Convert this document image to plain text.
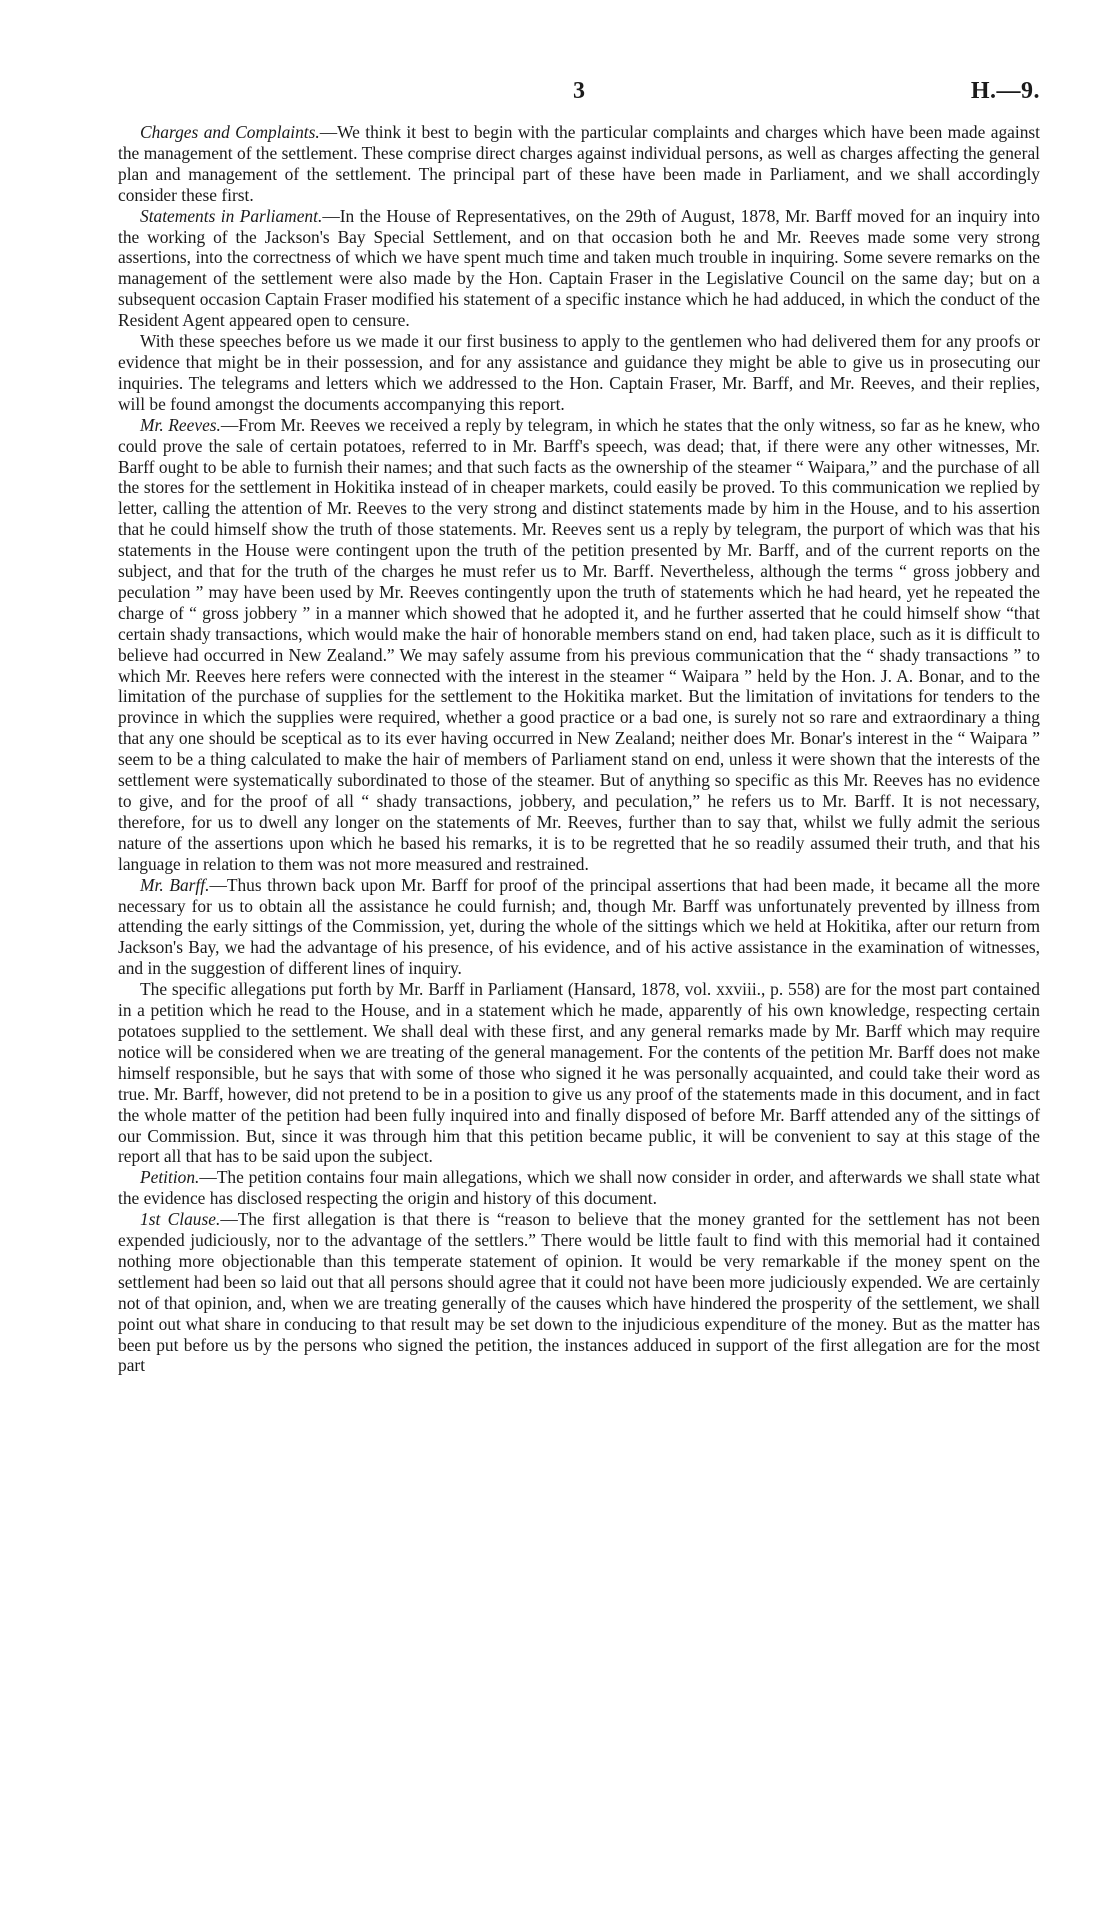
3	H.—9.

Charges and Complaints.—We think it best to begin with the particular complaints and charges which have been made against the management of the settlement. These comprise direct charges against individual persons, as well as charges affecting the general plan and management of the settlement. The principal part of these have been made in Parliament, and we shall accordingly consider these first.

Statements in Parliament.—In the House of Representatives, on the 29th of August, 1878, Mr. Barff moved for an inquiry into the working of the Jackson's Bay Special Settlement, and on that occasion both he and Mr. Reeves made some very strong assertions, into the correctness of which we have spent much time and taken much trouble in inquiring. Some severe remarks on the management of the settlement were also made by the Hon. Captain Fraser in the Legislative Council on the same day; but on a subsequent occasion Captain Fraser modified his statement of a specific instance which he had adduced, in which the conduct of the Resident Agent appeared open to censure.

With these speeches before us we made it our first business to apply to the gentlemen who had delivered them for any proofs or evidence that might be in their possession, and for any assistance and guidance they might be able to give us in prosecuting our inquiries. The telegrams and letters which we addressed to the Hon. Captain Fraser, Mr. Barff, and Mr. Reeves, and their replies, will be found amongst the documents accompanying this report.

Mr. Reeves.—From Mr. Reeves we received a reply by telegram, in which he states that the only witness, so far as he knew, who could prove the sale of certain potatoes, referred to in Mr. Barff's speech, was dead; that, if there were any other witnesses, Mr. Barff ought to be able to furnish their names; and that such facts as the ownership of the steamer “ Waipara,” and the purchase of all the stores for the settlement in Hokitika instead of in cheaper markets, could easily be proved. To this communication we replied by letter, calling the attention of Mr. Reeves to the very strong and distinct statements made by him in the House, and to his assertion that he could himself show the truth of those statements. Mr. Reeves sent us a reply by telegram, the purport of which was that his statements in the House were contingent upon the truth of the petition presented by Mr. Barff, and of the current reports on the subject, and that for the truth of the charges he must refer us to Mr. Barff. Nevertheless, although the terms “ gross jobbery and peculation ” may have been used by Mr. Reeves contingently upon the truth of statements which he had heard, yet he repeated the charge of “ gross jobbery ” in a manner which showed that he adopted it, and he further asserted that he could himself show “that certain shady transactions, which would make the hair of honorable members stand on end, had taken place, such as it is difficult to believe had occurred in New Zealand.” We may safely assume from his previous communication that the “ shady transactions ” to which Mr. Reeves here refers were connected with the interest in the steamer “ Waipara ” held by the Hon. J. A. Bonar, and to the limitation of the purchase of supplies for the settlement to the Hokitika market. But the limitation of invitations for tenders to the province in which the supplies were required, whether a good practice or a bad one, is surely not so rare and extraordinary a thing that any one should be sceptical as to its ever having occurred in New Zealand; neither does Mr. Bonar's interest in the “ Waipara ” seem to be a thing calculated to make the hair of members of Parliament stand on end, unless it were shown that the interests of the settlement were systematically subordinated to those of the steamer. But of anything so specific as this Mr. Reeves has no evidence to give, and for the proof of all “ shady transactions, jobbery, and peculation,” he refers us to Mr. Barff. It is not necessary, therefore, for us to dwell any longer on the statements of Mr. Reeves, further than to say that, whilst we fully admit the serious nature of the assertions upon which he based his remarks, it is to be regretted that he so readily assumed their truth, and that his language in relation to them was not more measured and restrained.

Mr. Barff.—Thus thrown back upon Mr. Barff for proof of the principal assertions that had been made, it became all the more necessary for us to obtain all the assistance he could furnish; and, though Mr. Barff was unfortunately prevented by illness from attending the early sittings of the Commission, yet, during the whole of the sittings which we held at Hokitika, after our return from Jackson's Bay, we had the advantage of his presence, of his evidence, and of his active assistance in the examination of witnesses, and in the suggestion of different lines of inquiry.

The specific allegations put forth by Mr. Barff in Parliament (Hansard, 1878, vol. xxviii., p. 558) are for the most part contained in a petition which he read to the House, and in a statement which he made, apparently of his own knowledge, respecting certain potatoes supplied to the settlement. We shall deal with these first, and any general remarks made by Mr. Barff which may require notice will be considered when we are treating of the general management. For the contents of the petition Mr. Barff does not make himself responsible, but he says that with some of those who signed it he was personally acquainted, and could take their word as true. Mr. Barff, however, did not pretend to be in a position to give us any proof of the statements made in this document, and in fact the whole matter of the petition had been fully inquired into and finally disposed of before Mr. Barff attended any of the sittings of our Commission. But, since it was through him that this petition became public, it will be convenient to say at this stage of the report all that has to be said upon the subject.

Petition.—The petition contains four main allegations, which we shall now consider in order, and afterwards we shall state what the evidence has disclosed respecting the origin and history of this document.

1st Clause.—The first allegation is that there is “reason to believe that the money granted for the settlement has not been expended judiciously, nor to the advantage of the settlers.” There would be little fault to find with this memorial had it contained nothing more objectionable than this temperate statement of opinion. It would be very remarkable if the money spent on the settlement had been so laid out that all persons should agree that it could not have been more judiciously expended. We are certainly not of that opinion, and, when we are treating generally of the causes which have hindered the prosperity of the settlement, we shall point out what share in conducing to that result may be set down to the injudicious expenditure of the money. But as the matter has been put before us by the persons who signed the petition, the instances adduced in support of the first allegation are for the most part
